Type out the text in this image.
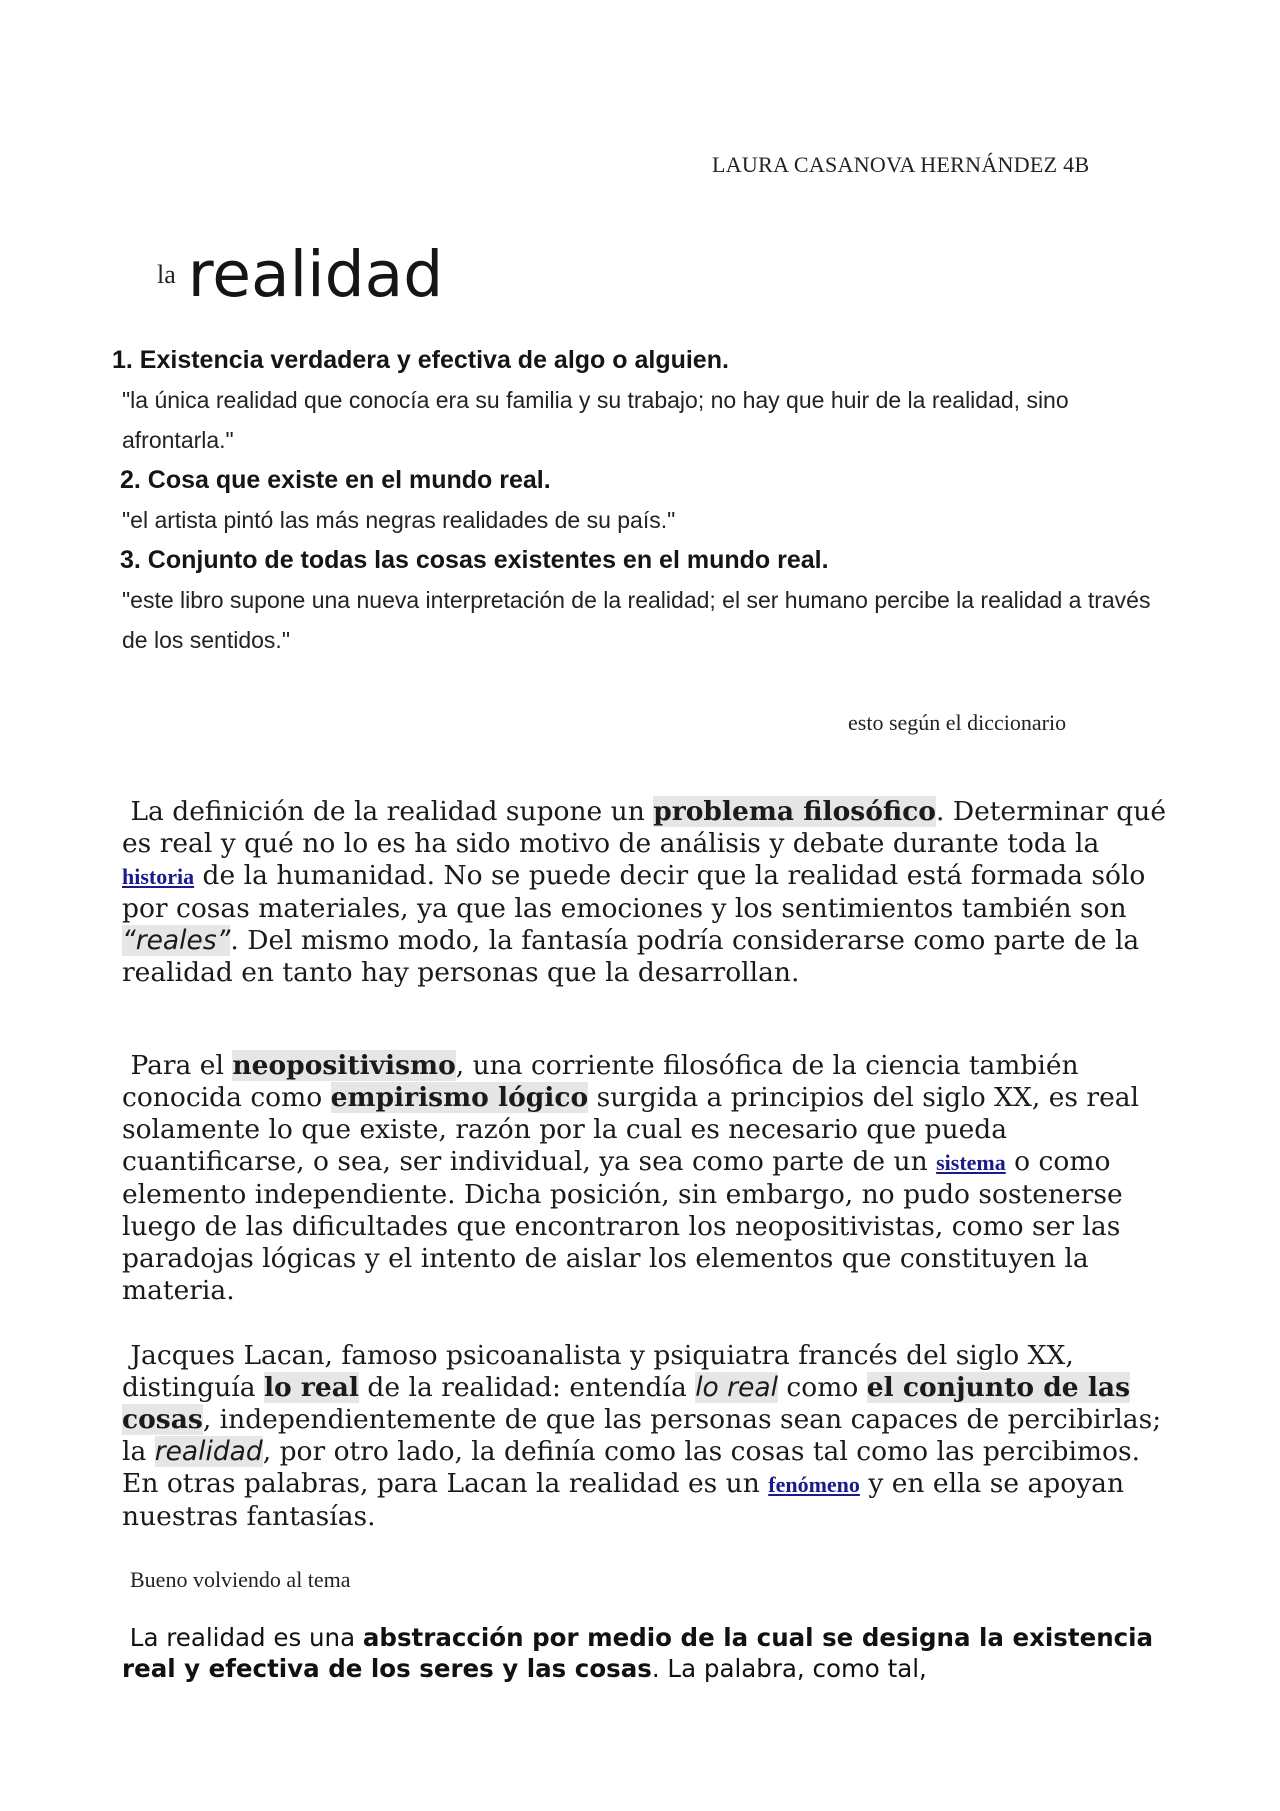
LAURA CASANOVA HERNÁNDEZ 4B
la realidad
1. Existencia verdadera y efectiva de algo o alguien.
"la única realidad que conocía era su familia y su trabajo; no hay que huir de la realidad, sino afrontarla."
2. Cosa que existe en el mundo real.
"el artista pintó las más negras realidades de su país."
3. Conjunto de todas las cosas existentes en el mundo real.
"este libro supone una nueva interpretación de la realidad; el ser humano percibe la realidad a través de los sentidos."
esto según el diccionario
La definición de la realidad supone un problema filosófico. Determinar qué es real y qué no lo es ha sido motivo de análisis y debate durante toda la historia de la humanidad. No se puede decir que la realidad está formada sólo por cosas materiales, ya que las emociones y los sentimientos también son “reales”. Del mismo modo, la fantasía podría considerarse como parte de la realidad en tanto hay personas que la desarrollan.
Para el neopositivismo, una corriente filosófica de la ciencia también conocida como empirismo lógico surgida a principios del siglo XX, es real solamente lo que existe, razón por la cual es necesario que pueda cuantificarse, o sea, ser individual, ya sea como parte de un sistema o como elemento independiente. Dicha posición, sin embargo, no pudo sostenerse luego de las dificultades que encontraron los neopositivistas, como ser las paradojas lógicas y el intento de aislar los elementos que constituyen la materia.
Jacques Lacan, famoso psicoanalista y psiquiatra francés del siglo XX, distinguía lo real de la realidad: entendía lo real como el conjunto de las cosas, independientemente de que las personas sean capaces de percibirlas; la realidad, por otro lado, la definía como las cosas tal como las percibimos. En otras palabras, para Lacan la realidad es un fenómeno y en ella se apoyan nuestras fantasías.
Bueno volviendo al tema
La realidad es una abstracción por medio de la cual se designa la existencia real y efectiva de los seres y las cosas. La palabra, como tal,
